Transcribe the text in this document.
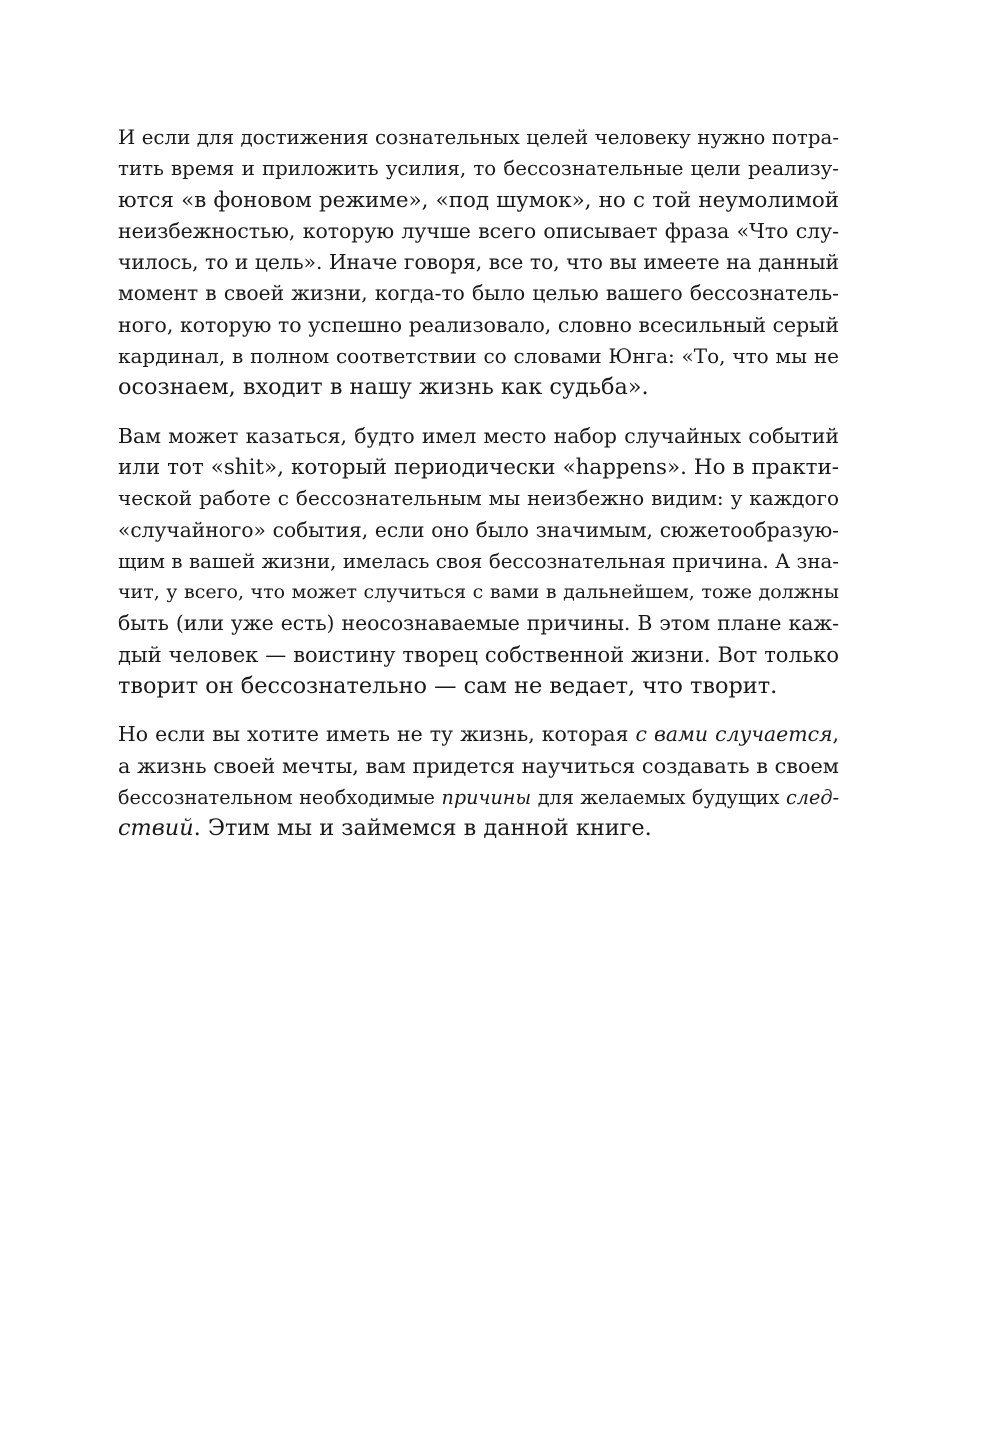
И если для достижения сознательных целей человеку нужно потра-
тить время и приложить усилия, то бессознательные цели реализу-
ются «в фоновом режиме», «под шумок», но с той неумолимой
неизбежностью, которую лучше всего описывает фраза «Что слу-
чилось, то и цель». Иначе говоря, все то, что вы имеете на данный
момент в своей жизни, когда-то было целью вашего бессознатель-
ного, которую то успешно реализовало, словно всесильный серый
кардинал, в полном соответствии со словами Юнга: «То, что мы не
осознаем, входит в нашу жизнь как судьба».
Вам может казаться, будто имел место набор случайных событий
или тот «shit», который периодически «happens». Но в практи-
ческой работе с бессознательным мы неизбежно видим: у каждого
«случайного» события, если оно было значимым, сюжетообразую-
щим в вашей жизни, имелась своя бессознательная причина. А зна-
чит, у всего, что может случиться с вами в дальнейшем, тоже должны
быть (или уже есть) неосознаваемые причины. В этом плане каж-
дый человек — воистину творец собственной жизни. Вот только
творит он бессознательно — сам не ведает, что творит.
Но если вы хотите иметь не ту жизнь, которая с вами случается,
а жизнь своей мечты, вам придется научиться создавать в своем
бессознательном необходимые причины для желаемых будущих след-
ствий. Этим мы и займемся в данной книге.
